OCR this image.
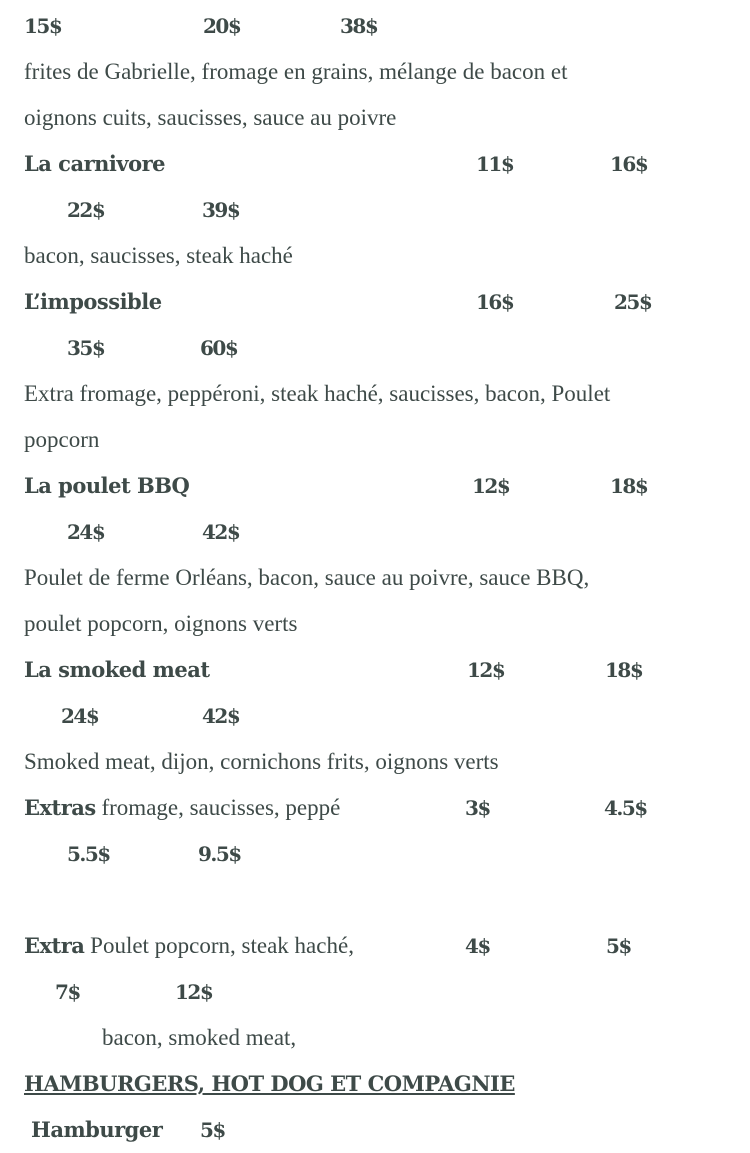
15$	20$	38$
frites de Gabrielle, fromage en grains, mélange de bacon et
oignons cuits, saucisses, sauce au poivre
La carnivore	11$	16$
22$	39$
bacon, saucisses, steak haché
L’impossible	16$	25$
35$	60$
Extra fromage, peppéroni, steak haché, saucisses, bacon, Poulet
popcorn
La poulet BBQ	12$	18$
24$	42$
Poulet de ferme Orléans, bacon, sauce au poivre, sauce BBQ,
poulet popcorn, oignons verts
La smoked meat	12$	18$
24$	42$
Smoked meat, dijon, cornichons frits, oignons verts
Extras fromage, saucisses, peppé	3$	4.5$
5.5$	9.5$
Extra Poulet popcorn, steak haché,	4$	5$
7$	12$
bacon, smoked meat,
HAMBURGERS, HOT DOG ET COMPAGNIE
Hamburger 5$
